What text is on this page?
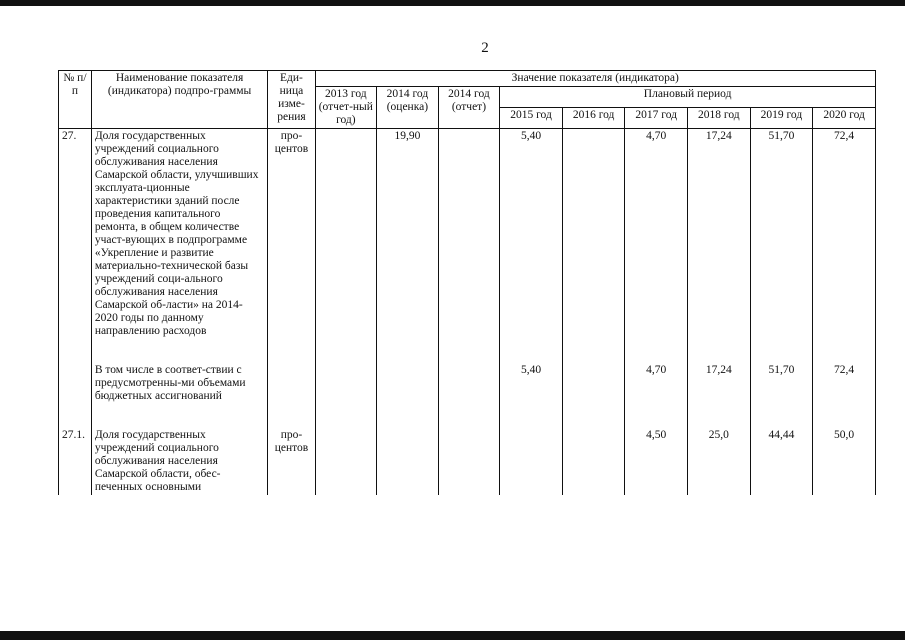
2
№ п/п	Наименование показателя (индикатора) подпро-граммы	Еди-ница изме-рения	Значение показателя (индикатора)								
			2013 год (отчет-ный год)	2014 год (оценка)	2014 год (отчет)	Плановый период					
						2015 год	2016 год	2017 год	2018 год	2019 год	2020 год
27.	Доля государственных учреждений социального обслуживания населения Самарской области, улучшивших эксплуата-ционные характеристики зданий после проведения капитального ремонта, в общем количестве участ-вующих в подпрограмме «Укрепление и развитие материально-технической базы учреждений соци-ального обслуживания населения Самарской об-ласти» на 2014-2020 годы по данному направлению расходов	про-центов		19,90		5,40		4,70	17,24	51,70	72,4

	В том числе в соответ-ствии с предусмотренны-ми объемами бюджетных ассигнований					5,40		4,70	17,24	51,70	72,4

27.1.	Доля государственных учреждений социального обслуживания населения Самарской области, обес-печенных основными	про-центов						4,50	25,0	44,44	50,0
